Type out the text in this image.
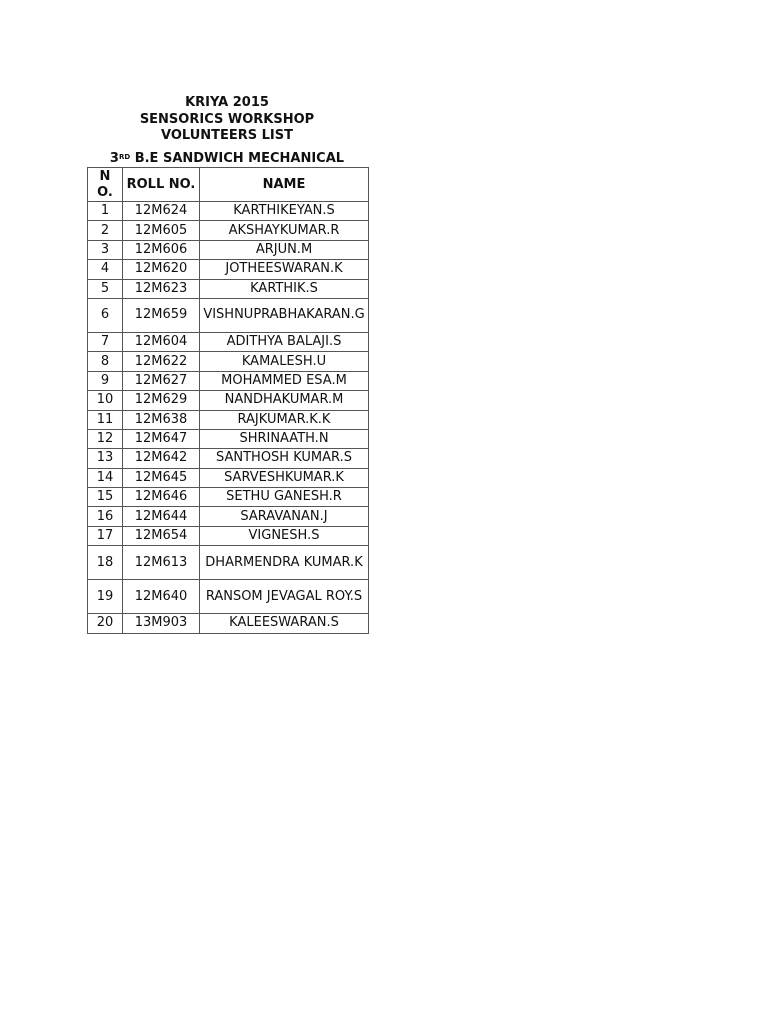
KRIYA 2015
SENSORICS WORKSHOP
VOLUNTEERS LIST
3RD B.E SANDWICH MECHANICAL
N O.	ROLL NO.	NAME
1	12M624	KARTHIKEYAN.S
2	12M605	AKSHAYKUMAR.R
3	12M606	ARJUN.M
4	12M620	JOTHEESWARAN.K
5	12M623	KARTHIK.S
6	12M659	VISHNUPRABHAKARAN.G
7	12M604	ADITHYA BALAJI.S
8	12M622	KAMALESH.U
9	12M627	MOHAMMED ESA.M
10	12M629	NANDHAKUMAR.M
11	12M638	RAJKUMAR.K.K
12	12M647	SHRINAATH.N
13	12M642	SANTHOSH KUMAR.S
14	12M645	SARVESHKUMAR.K
15	12M646	SETHU GANESH.R
16	12M644	SARAVANAN.J
17	12M654	VIGNESH.S
18	12M613	DHARMENDRA KUMAR.K
19	12M640	RANSOM JEVAGAL ROY.S
20	13M903	KALEESWARAN.S
